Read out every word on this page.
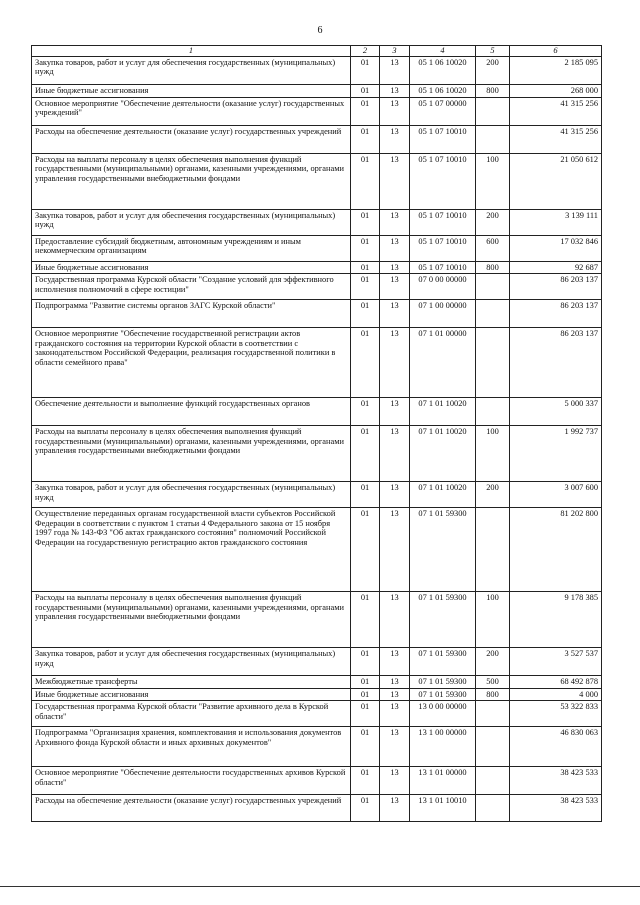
6
1	2	3	4	5	6
Закупка товаров, работ и услуг для обеспечения государственных (муниципальных) нужд	01	13	05 1 06 10020	200	2 185 095
Иные бюджетные ассигнования	01	13	05 1 06 10020	800	268 000
Основное мероприятие "Обеспечение деятельности (оказание услуг) государственных учреждений"	01	13	05 1 07 00000		41 315 256
Расходы на обеспечение деятельности (оказание услуг) государственных учреждений	01	13	05 1 07 10010		41 315 256
Расходы на выплаты персоналу в целях обеспечения выполнения функций государственными (муниципальными) органами, казенными учреждениями, органами управления государственными внебюджетными фондами	01	13	05 1 07 10010	100	21 050 612
Закупка товаров, работ и услуг для обеспечения государственных (муниципальных) нужд	01	13	05 1 07 10010	200	3 139 111
Предоставление субсидий бюджетным, автономным учреждениям и иным некоммерческим организациям	01	13	05 1 07 10010	600	17 032 846
Иные бюджетные ассигнования	01	13	05 1 07 10010	800	92 687
Государственная программа Курской области "Создание условий для эффективного исполнения полномочий в сфере юстиции"	01	13	07 0 00 00000		86 203 137
Подпрограмма "Развитие системы органов ЗАГС Курской области"	01	13	07 1 00 00000		86 203 137
Основное мероприятие "Обеспечение государственной регистрации актов гражданского состояния на территории Курской области в соответствии с законодательством Российской Федерации, реализация государственной политики в области семейного права"	01	13	07 1 01 00000		86 203 137
Обеспечение деятельности и выполнение функций государственных органов	01	13	07 1 01 10020		5 000 337
Расходы на выплаты персоналу в целях обеспечения выполнения функций государственными (муниципальными) органами, казенными учреждениями, органами управления государственными внебюджетными фондами	01	13	07 1 01 10020	100	1 992 737
Закупка товаров, работ и услуг для обеспечения государственных (муниципальных) нужд	01	13	07 1 01 10020	200	3 007 600
Осуществление переданных органам государственной власти субъектов Российской Федерации в соответствии с пунктом 1 статьи 4 Федерального закона от 15 ноября 1997 года № 143-ФЗ "Об актах гражданского состояния" полномочий Российской Федерации на государственную регистрацию актов гражданского состояния	01	13	07 1 01 59300		81 202 800
Расходы на выплаты персоналу в целях обеспечения выполнения функций государственными (муниципальными) органами, казенными учреждениями, органами управления государственными внебюджетными фондами	01	13	07 1 01 59300	100	9 178 385
Закупка товаров, работ и услуг для обеспечения государственных (муниципальных) нужд	01	13	07 1 01 59300	200	3 527 537
Межбюджетные трансферты	01	13	07 1 01 59300	500	68 492 878
Иные бюджетные ассигнования	01	13	07 1 01 59300	800	4 000
Государственная программа Курской области "Развитие архивного дела в Курской области"	01	13	13 0 00 00000		53 322 833
Подпрограмма "Организация хранения, комплектования и использования документов Архивного фонда Курской области и иных архивных документов"	01	13	13 1 00 00000		46 830 063
Основное мероприятие "Обеспечение деятельности государственных архивов Курской области"	01	13	13 1 01 00000		38 423 533
Расходы на обеспечение деятельности (оказание услуг) государственных учреждений	01	13	13 1 01 10010		38 423 533
